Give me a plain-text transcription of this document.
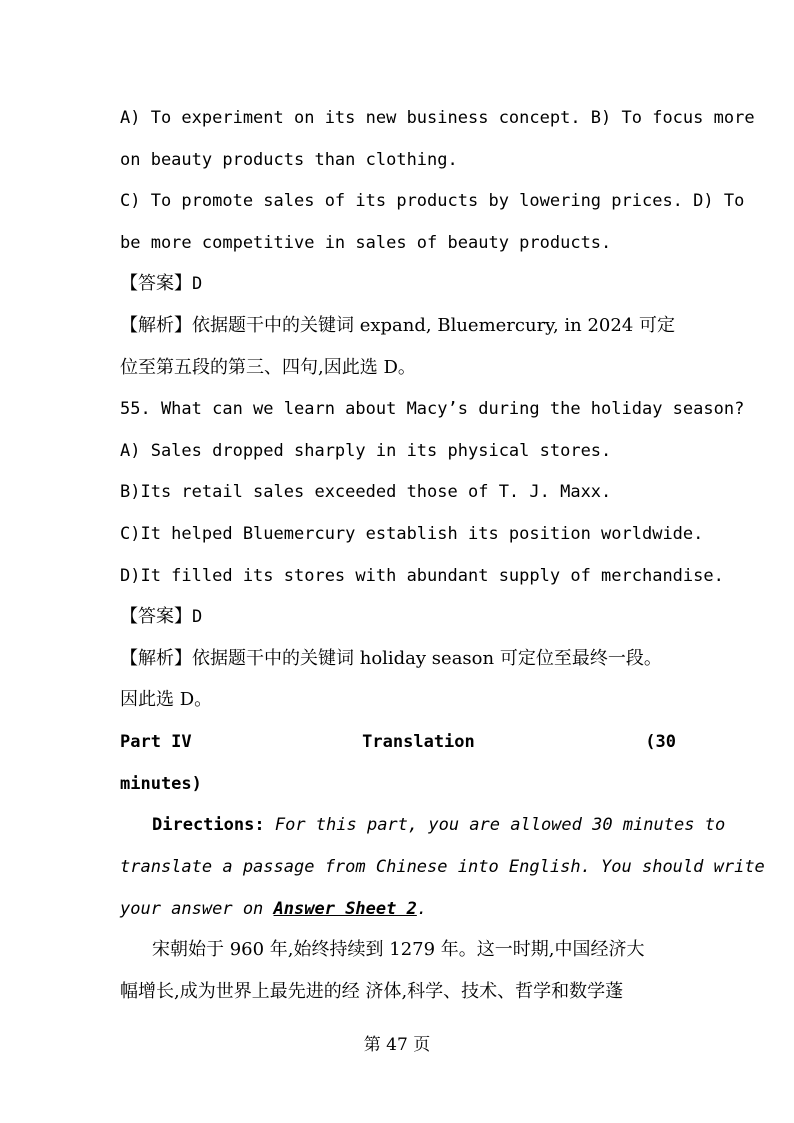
A) To experiment on its new business concept. B) To focus more
on beauty products than clothing.
C) To promote sales of its products by lowering prices. D) To
be more competitive in sales of beauty products.
【答案】D
【解析】依据题干中的关键词 expand, Bluemercury, in 2024 可定
位至第五段的第三、四句,因此选 D。
55. What can we learn about Macy’s during the holiday season?
A) Sales dropped sharply in its physical stores.
B)Its retail sales exceeded those of T. J. Maxx.
C)It helped Bluemercury establish its position worldwide.
D)It filled its stores with abundant supply of merchandise.
【答案】D
【解析】依据题干中的关键词 holiday season 可定位至最终一段。
因此选 D。
Part IV	Translation	(30
minutes)
Directions: For this part, you are allowed 30 minutes to
translate a passage from Chinese into English. You should write
your answer on Answer Sheet 2.
宋朝始于 960 年,始终持续到 1279 年。这一时期,中国经济大
幅增长,成为世界上最先进的经 济体,科学、技术、哲学和数学蓬
第 47 页
